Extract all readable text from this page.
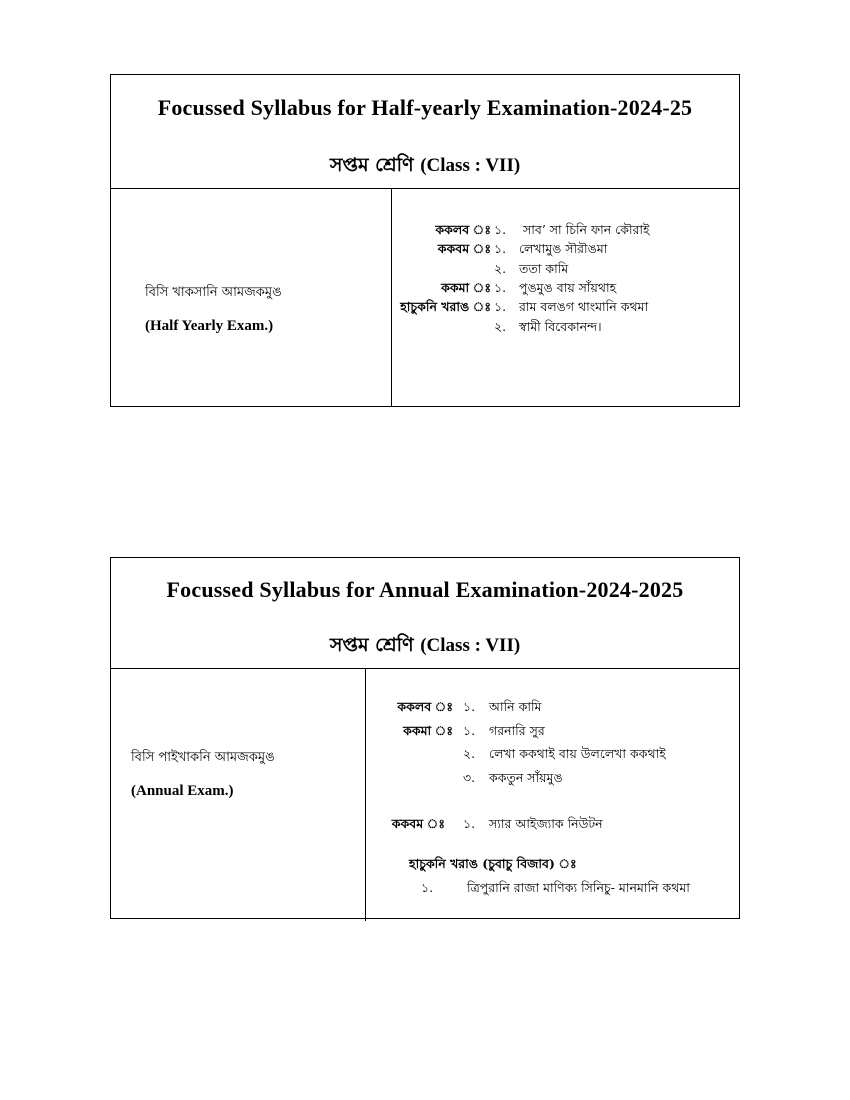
Focussed Syllabus for Half-yearly Examination-2024-25
সপ্তম শ্রেণি (Class : VII)
বিসি খাকসানি আমজকমুঙ
(Half Yearly Exam.)
ককলব ঃ ১. সাব’ সা চিনি ফান কৌরাই
ককবম ঃ ১. লেখামুঙ সৗরৗঙমা
২. ততা কামি
ককমা ঃ ১. পুঙমুঙ বায় সাঁয়থাহ
হাচুকনি খরাঙ ঃ ১. রাম বলঙগ থাংমানি কথমা
২. স্বামী বিবেকানন্দ।
Focussed Syllabus for Annual Examination-2024-2025
সপ্তম শ্রেণি (Class : VII)
বিসি পাইখাকনি আমজকমুঙ
(Annual Exam.)
ককলব ঃ ১. আনি কামি
ককমা ঃ ১. গরনারি সুর
২. লেখা ককথাই বায় উললেখা ককথাই
৩. ককতুন সাঁয়মুঙ
ককবম ঃ ১. স্যার আইজ্যাক নিউটন
হাচুকনি খরাঙ (চুবাচু বিজাব) ঃ
১.	ত্রিপুরানি রাজা মাণিক্য সিনিচু- মানমানি কথমা
